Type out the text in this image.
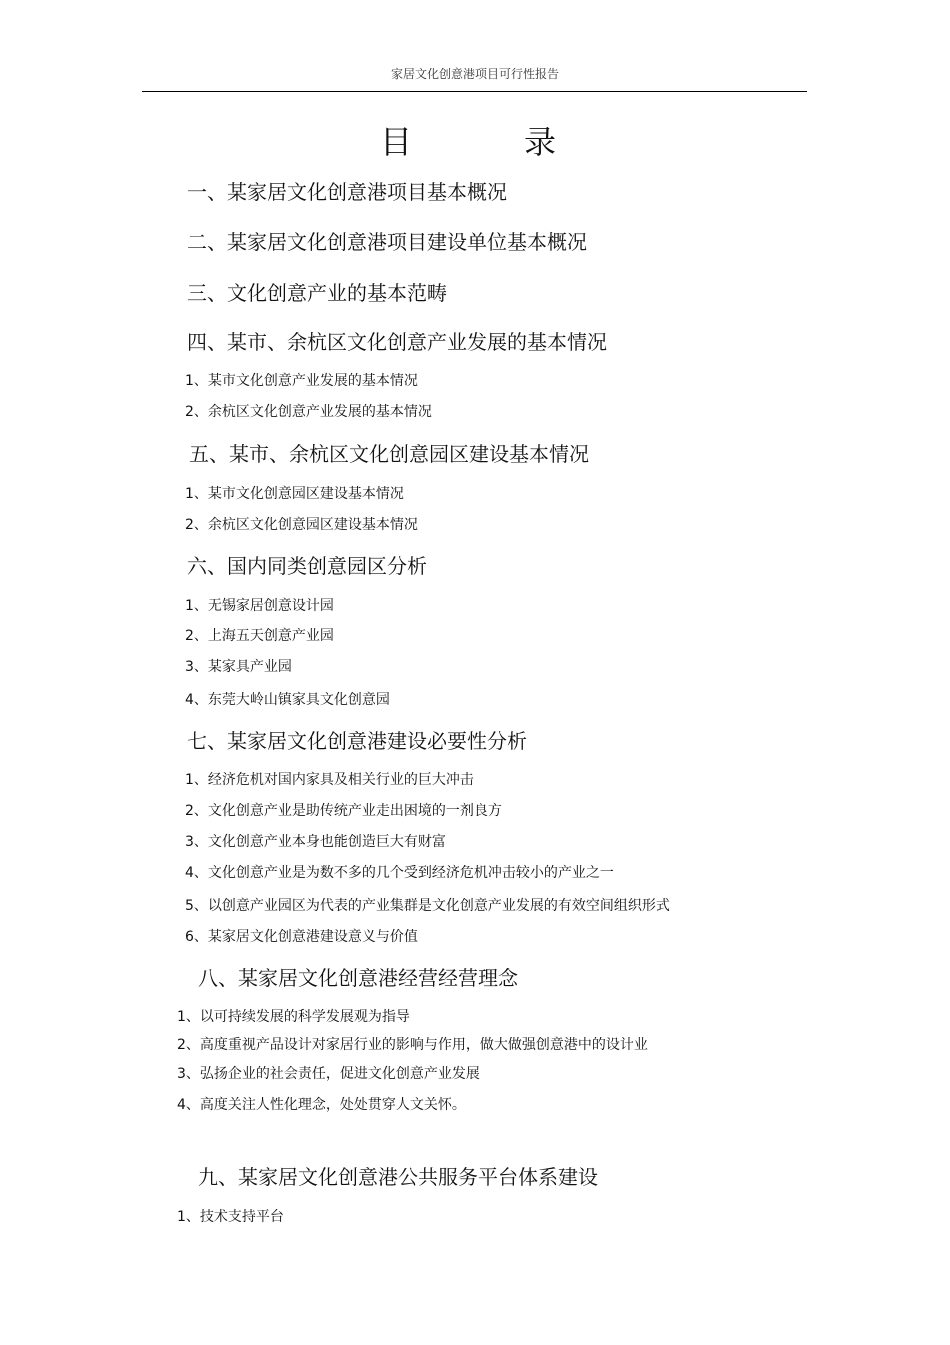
家居文化创意港项目可行性报告
目录
一、某家居文化创意港项目基本概况
二、某家居文化创意港项目建设单位基本概况
三、文化创意产业的基本范畴
四、某市、余杭区文化创意产业发展的基本情况
1、某市文化创意产业发展的基本情况
2、余杭区文化创意产业发展的基本情况
五、某市、余杭区文化创意园区建设基本情况
1、某市文化创意园区建设基本情况
2、余杭区文化创意园区建设基本情况
六、国内同类创意园区分析
1、无锡家居创意设计园
2、上海五天创意产业园
3、某家具产业园
4、东莞大岭山镇家具文化创意园
七、某家居文化创意港建设必要性分析
1、经济危机对国内家具及相关行业的巨大冲击
2、文化创意产业是助传统产业走出困境的一剂良方
3、文化创意产业本身也能创造巨大有财富
4、文化创意产业是为数不多的几个受到经济危机冲击较小的产业之一
5、以创意产业园区为代表的产业集群是文化创意产业发展的有效空间组织形式
6、某家居文化创意港建设意义与价值
八、某家居文化创意港经营经营理念
1、以可持续发展的科学发展观为指导
2、高度重视产品设计对家居行业的影响与作用，做大做强创意港中的设计业
3、弘扬企业的社会责任，促进文化创意产业发展
4、高度关注人性化理念，处处贯穿人文关怀。
九、某家居文化创意港公共服务平台体系建设
1、技术支持平台
